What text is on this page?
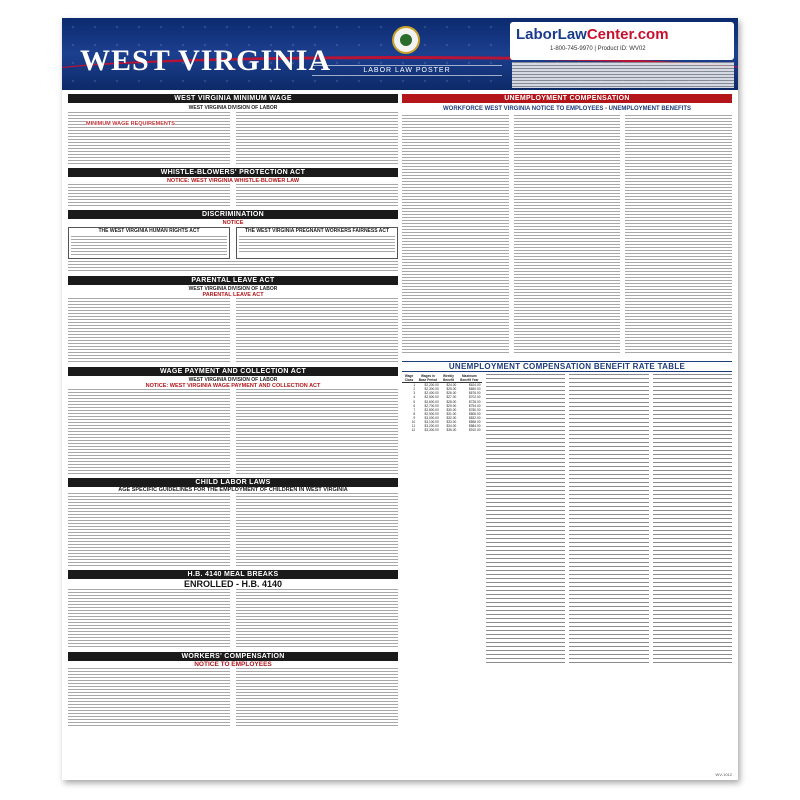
WEST VIRGINIA	LABOR LAW POSTER
LaborLawCenter.com
1-800-745-9970 | Product ID: WV02
WEST VIRGINIA MINIMUM WAGE
WEST VIRGINIA DIVISION OF LABOR
MINIMUM WAGE REQUIREMENTS
WHISTLE-BLOWERS' PROTECTION ACT
NOTICE: WEST VIRGINIA WHISTLE-BLOWER LAW
DISCRIMINATION
NOTICE
THE WEST VIRGINIA HUMAN RIGHTS ACT	THE WEST VIRGINIA PREGNANT WORKERS FAIRNESS ACT
PARENTAL LEAVE ACT
WEST VIRGINIA DIVISION OF LABOR
PARENTAL LEAVE ACT
WAGE PAYMENT AND COLLECTION ACT
WEST VIRGINIA DIVISION OF LABOR
NOTICE: WEST VIRGINIA WAGE PAYMENT AND COLLECTION ACT
CHILD LABOR LAWS
AGE SPECIFIC GUIDELINES FOR THE EMPLOYMENT OF CHILDREN IN WEST VIRGINIA
H.B. 4140 MEAL BREAKS
ENROLLED - H.B. 4140
WORKERS' COMPENSATION
NOTICE TO EMPLOYEES
UNEMPLOYMENT COMPENSATION
WORKFORCE WEST VIRGINIA NOTICE TO EMPLOYEES - UNEMPLOYMENT BENEFITS
UNEMPLOYMENT COMPENSATION BENEFIT RATE TABLE
Wage Class	Wages in Base Period	Weekly Benefit	Maximum Benefit Year
1	$2,200.00	$24.00	$624.00
2	$2,300.00	$25.00	$650.00
3	$2,400.00	$26.00	$676.00
4	$2,500.00	$27.00	$702.00
5	$2,600.00	$28.00	$728.00
6	$2,700.00	$29.00	$754.00
7	$2,800.00	$30.00	$780.00
8	$2,900.00	$31.00	$806.00
9	$3,000.00	$32.00	$832.00
10	$3,100.00	$33.00	$858.00
11	$3,200.00	$34.00	$884.00
12	$3,300.00	$35.00	$910.00
WV-1012
